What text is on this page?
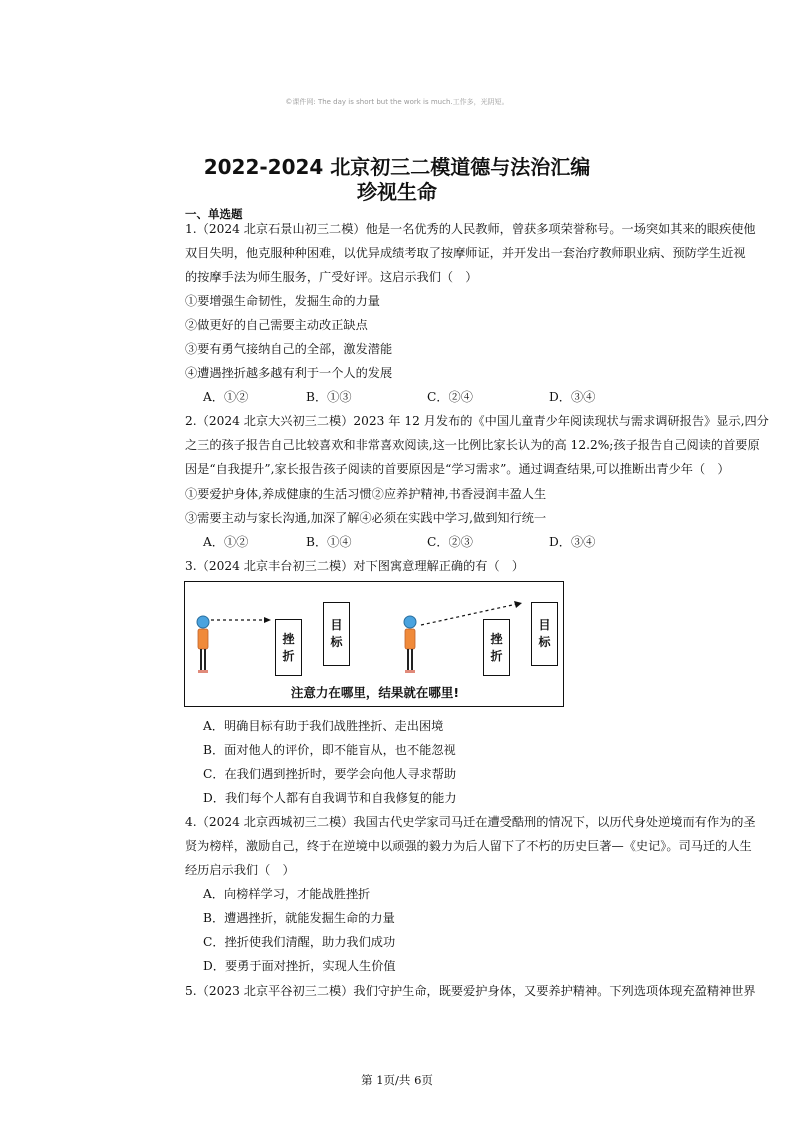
©课件网: The day is short but the work is much.工作多，光阴短。
2022-2024 北京初三二模道德与法治汇编
珍视生命
一、单选题
1.（2024 北京石景山初三二模）他是一名优秀的人民教师，曾获多项荣誉称号。一场突如其来的眼疾使他
双目失明，他克服种种困难，以优异成绩考取了按摩师证，并开发出一套治疗教师职业病、预防学生近视
的按摩手法为师生服务，广受好评。这启示我们（　）
①要增强生命韧性，发掘生命的力量
②做更好的自己需要主动改正缺点
③要有勇气接纳自己的全部，激发潜能
④遭遇挫折越多越有利于一个人的发展
A．①②	B．①③	C．②④	D．③④
2.（2024 北京大兴初三二模）2023 年 12 月发布的《中国儿童青少年阅读现状与需求调研报告》显示,四分
之三的孩子报告自己比较喜欢和非常喜欢阅读,这一比例比家长认为的高 12.2%;孩子报告自己阅读的首要原
因是“自我提升”,家长报告孩子阅读的首要原因是“学习需求”。通过调查结果,可以推断出青少年（　）
①要爱护身体,养成健康的生活习惯②应养护精神,书香浸润丰盈人生
③需要主动与家长沟通,加深了解④必须在实践中学习,做到知行统一
A．①②	B．①④	C．②③	D．③④
3.（2024 北京丰台初三二模）对下图寓意理解正确的有（　）
挫
折
目
标	挫
折
目
标
注意力在哪里，结果就在哪里!
A．明确目标有助于我们战胜挫折、走出困境
B．面对他人的评价，即不能盲从，也不能忽视
C．在我们遇到挫折时，要学会向他人寻求帮助
D．我们每个人都有自我调节和自我修复的能力
4.（2024 北京西城初三二模）我国古代史学家司马迁在遭受酷刑的情况下，以历代身处逆境而有作为的圣
贤为榜样，激励自己，终于在逆境中以顽强的毅力为后人留下了不朽的历史巨著—《史记》。司马迁的人生
经历启示我们（　）
A．向榜样学习，才能战胜挫折
B．遭遇挫折，就能发掘生命的力量
C．挫折使我们清醒，助力我们成功
D．要勇于面对挫折，实现人生价值
5.（2023 北京平谷初三二模）我们守护生命，既要爱护身体，又要养护精神。下列选项体现充盈精神世界
第 1页/共 6页
